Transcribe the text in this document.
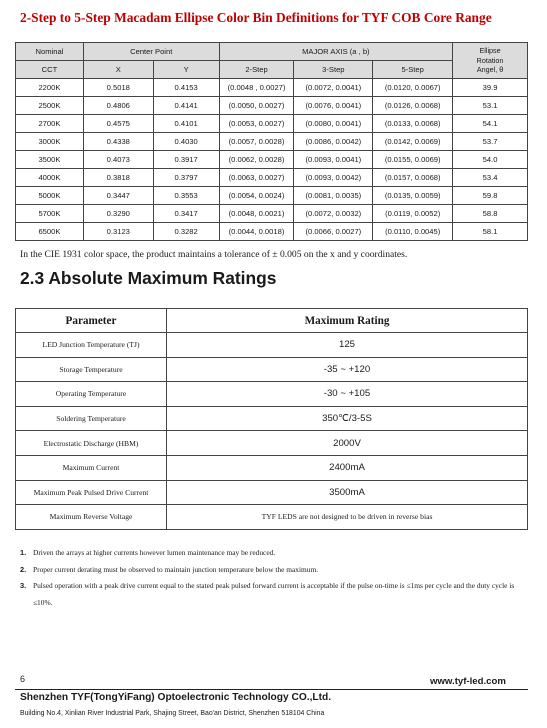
2-Step to 5-Step Macadam Ellipse Color Bin Definitions for TYF COB Core Range
Nominal	Center Point		MAJOR AXIS (a , b)			Ellipse
Rotation
Angel, θ

CCT	X	Y	2-Step	3-Step	5-Step	
2200K	0.5018	0.4153	(0.0048 , 0.0027)	(0.0072, 0.0041)	(0.0120, 0.0067)	39.9
2500K	0.4806	0.4141	(0.0050, 0.0027)	(0.0076, 0.0041)	(0.0126, 0.0068)	53.1
2700K	0.4575	0.4101	(0.0053, 0.0027)	(0.0080, 0.0041)	(0.0133, 0.0068)	54.1
3000K	0.4338	0.4030	(0.0057, 0.0028)	(0.0086, 0.0042)	(0.0142, 0.0069)	53.7
3500K	0.4073	0.3917	(0.0062, 0.0028)	(0.0093, 0.0041)	(0.0155, 0.0069)	54.0
4000K	0.3818	0.3797	(0.0063, 0.0027)	(0.0093, 0.0042)	(0.0157, 0.0068)	53.4
5000K	0.3447	0.3553	(0.0054, 0.0024)	(0.0081, 0.0035)	(0.0135, 0.0059)	59.8
5700K	0.3290	0.3417	(0.0048, 0.0021)	(0.0072, 0.0032)	(0.0119, 0.0052)	58.8
6500K	0.3123	0.3282	(0.0044, 0.0018)	(0.0066, 0.0027)	(0.0110, 0.0045)	58.1
In the CIE 1931 color space, the product maintains a tolerance of ± 0.005 on the x and y coordinates.
2.3 Absolute Maximum Ratings
Parameter	Maximum Rating
LED Junction Temperature (TJ)	125
Storage Temperature	-35 ~ +120
Operating Temperature	-30 ~ +105
Soldering Temperature	350℃/3-5S
Electrostatic Discharge (HBM)	2000V
Maximum Current	2400mA
Maximum Peak Pulsed Drive Current	3500mA
Maximum Reverse Voltage	TYF LEDS are not designed to be driven in reverse bias
1. Driven the arrays at higher currents however lumen maintenance may be reduced.
2. Proper current derating must be observed to maintain junction temperature below the maximum.
3. Pulsed operation with a peak drive current equal to the stated peak pulsed forward current is acceptable if the pulse on-time is ≤1ms per cycle and the duty cycle is ≤10%.
6	www.tyf-led.com
Shenzhen TYF(TongYiFang) Optoelectronic Technology CO.,Ltd.
Building No.4, Xinlian River Industrial Park, Shajing Street, Bao'an District, Shenzhen 518104 China
